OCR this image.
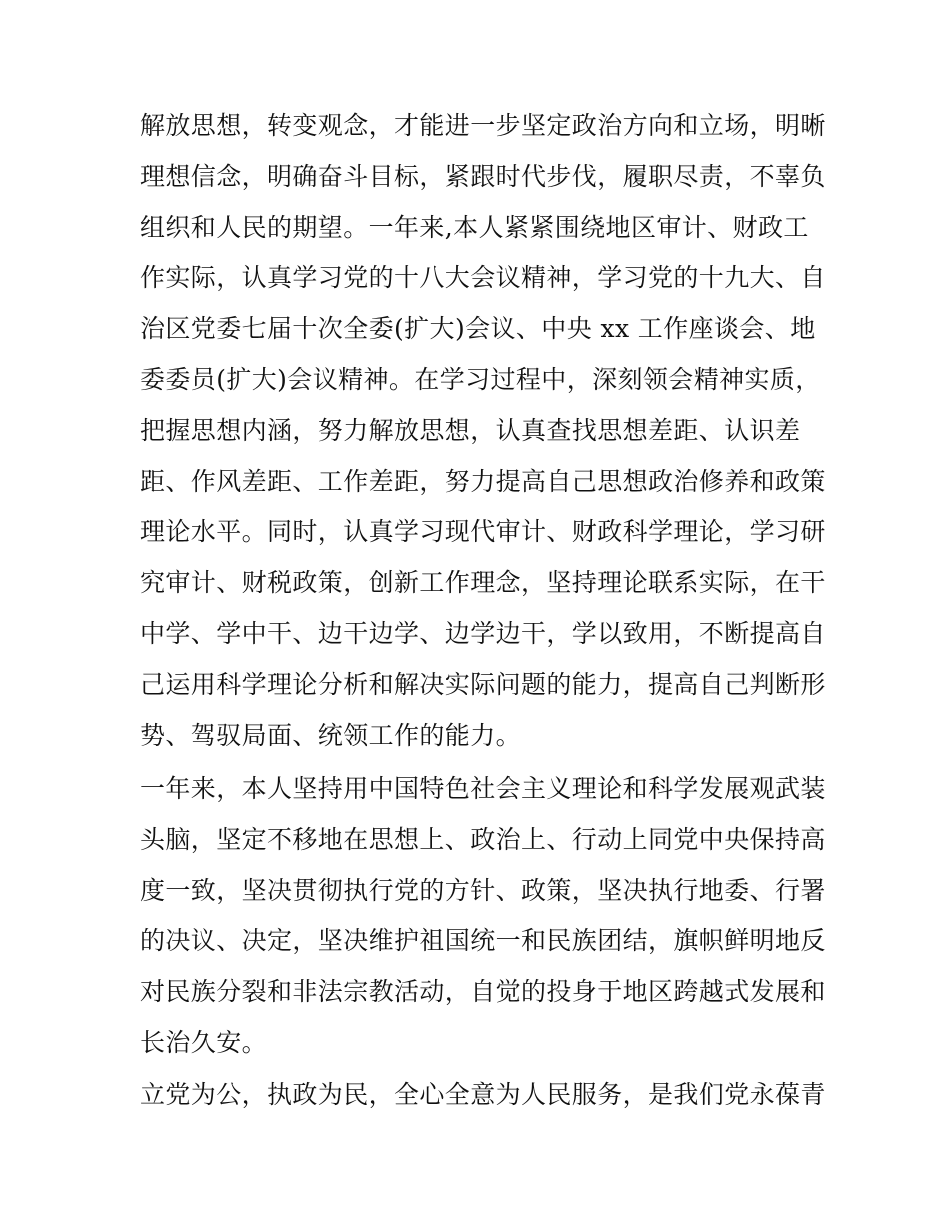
解放思想，转变观念，才能进一步坚定政治方向和立场，明晰
理想信念，明确奋斗目标，紧跟时代步伐，履职尽责，不辜负
组织和人民的期望。一年来,本人紧紧围绕地区审计、财政工
作实际，认真学习党的十八大会议精神，学习党的十九大、自
治区党委七届十次全委(扩大)会议、中央 xx 工作座谈会、地
委委员(扩大)会议精神。在学习过程中，深刻领会精神实质，
把握思想内涵，努力解放思想，认真查找思想差距、认识差
距、作风差距、工作差距，努力提高自己思想政治修养和政策
理论水平。同时，认真学习现代审计、财政科学理论，学习研
究审计、财税政策，创新工作理念，坚持理论联系实际，在干
中学、学中干、边干边学、边学边干，学以致用，不断提高自
己运用科学理论分析和解决实际问题的能力，提高自己判断形
势、驾驭局面、统领工作的能力。
一年来，本人坚持用中国特色社会主义理论和科学发展观武装
头脑，坚定不移地在思想上、政治上、行动上同党中央保持高
度一致，坚决贯彻执行党的方针、政策，坚决执行地委、行署
的决议、决定，坚决维护祖国统一和民族团结，旗帜鲜明地反
对民族分裂和非法宗教活动，自觉的投身于地区跨越式发展和
长治久安。
立党为公，执政为民，全心全意为人民服务，是我们党永葆青
